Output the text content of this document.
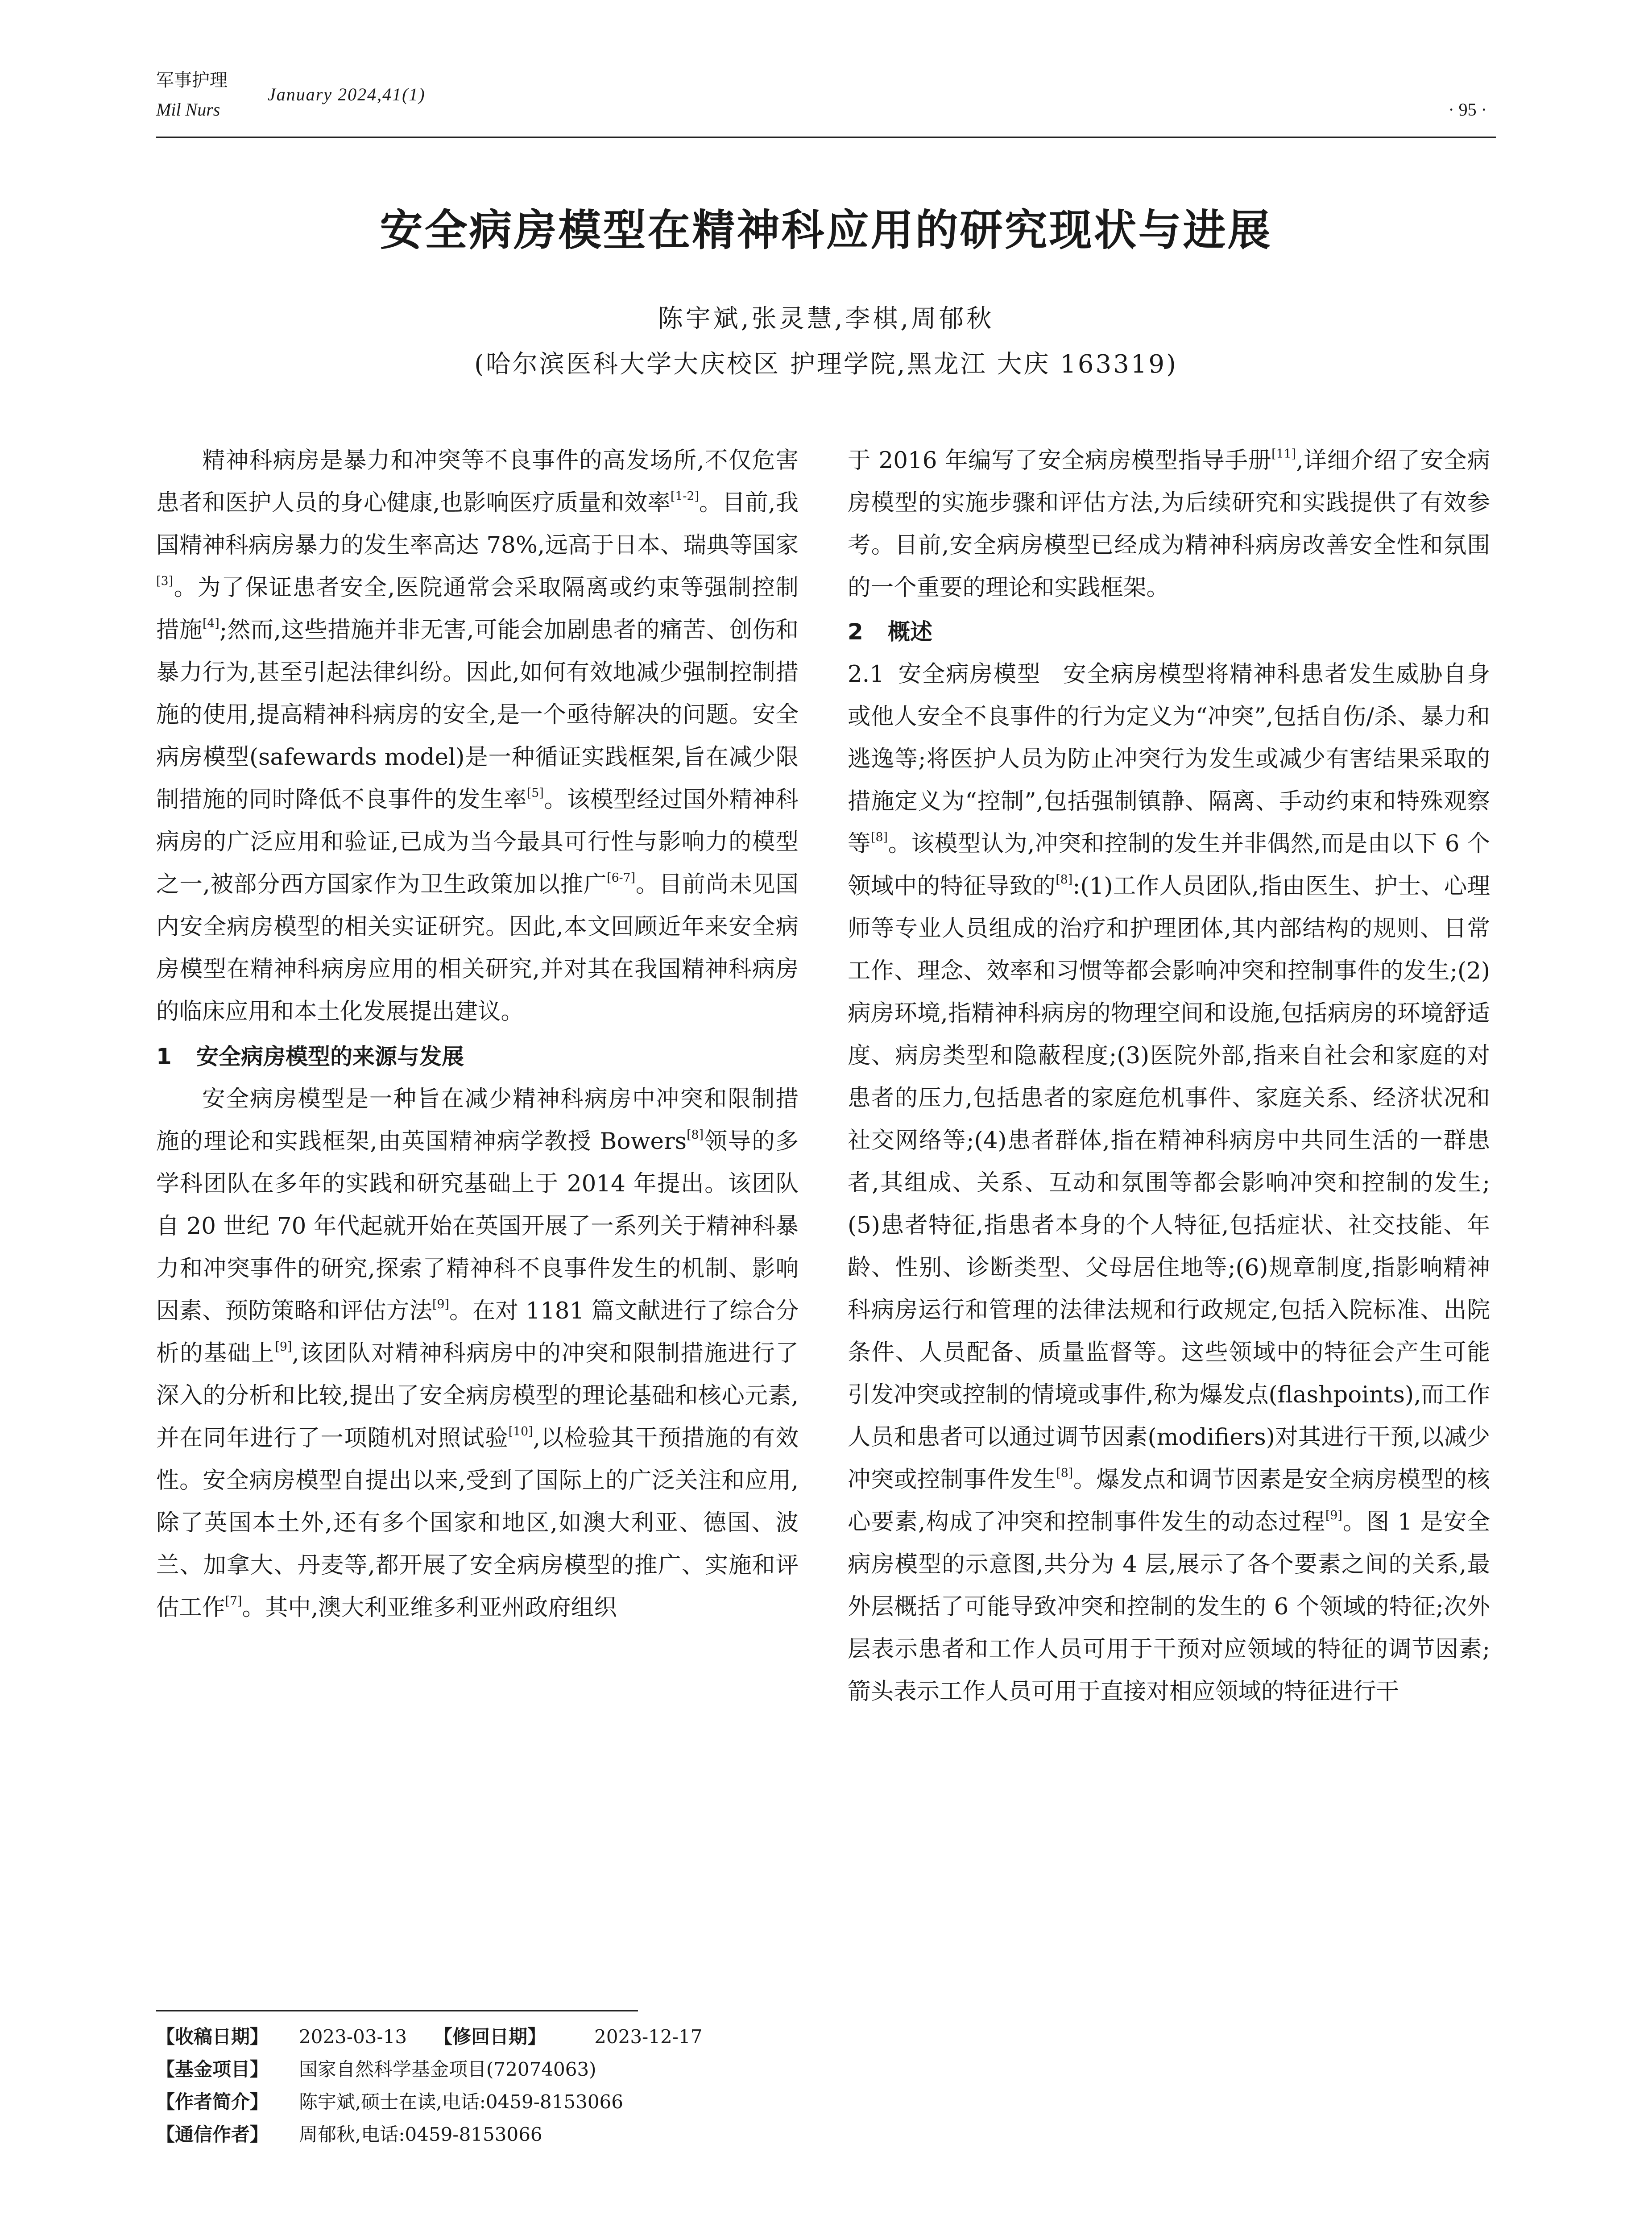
军事护理
January 2024,41(1)
Mil Nurs	· 95 ·
安全病房模型在精神科应用的研究现状与进展
陈宇斌,张灵慧,李棋,周郁秋
(哈尔滨医科大学大庆校区 护理学院,黑龙江 大庆 163319)

精神科病房是暴力和冲突等不良事件的高发场所,不仅危害患者和医护人员的身心健康,也影响医疗质量和效率[1-2]。目前,我国精神科病房暴力的发生率高达 78%,远高于日本、瑞典等国家[3]。为了保证患者安全,医院通常会采取隔离或约束等强制控制措施[4];然而,这些措施并非无害,可能会加剧患者的痛苦、创伤和暴力行为,甚至引起法律纠纷。因此,如何有效地减少强制控制措施的使用,提高精神科病房的安全,是一个亟待解决的问题。安全病房模型(safewards model)是一种循证实践框架,旨在减少限制措施的同时降低不良事件的发生率[5]。该模型经过国外精神科病房的广泛应用和验证,已成为当今最具可行性与影响力的模型之一,被部分西方国家作为卫生政策加以推广[6-7]。目前尚未见国内安全病房模型的相关实证研究。因此,本文回顾近年来安全病房模型在精神科病房应用的相关研究,并对其在我国精神科病房的临床应用和本土化发展提出建议。

1 安全病房模型的来源与发展

安全病房模型是一种旨在减少精神科病房中冲突和限制措施的理论和实践框架,由英国精神病学教授 Bowers[8]领导的多学科团队在多年的实践和研究基础上于 2014 年提出。该团队自 20 世纪 70 年代起就开始在英国开展了一系列关于精神科暴力和冲突事件的研究,探索了精神科不良事件发生的机制、影响因素、预防策略和评估方法[9]。在对 1181 篇文献进行了综合分析的基础上[9],该团队对精神科病房中的冲突和限制措施进行了深入的分析和比较,提出了安全病房模型的理论基础和核心元素,并在同年进行了一项随机对照试验[10],以检验其干预措施的有效性。安全病房模型自提出以来,受到了国际上的广泛关注和应用,除了英国本土外,还有多个国家和地区,如澳大利亚、德国、波兰、加拿大、丹麦等,都开展了安全病房模型的推广、实施和评估工作[7]。其中,澳大利亚维多利亚州政府组织

于 2016 年编写了安全病房模型指导手册[11],详细介绍了安全病房模型的实施步骤和评估方法,为后续研究和实践提供了有效参考。目前,安全病房模型已经成为精神科病房改善安全性和氛围的一个重要的理论和实践框架。

2 概述

2.1 安全病房模型 安全病房模型将精神科患者发生威胁自身或他人安全不良事件的行为定义为“冲突”,包括自伤/杀、暴力和逃逸等;将医护人员为防止冲突行为发生或减少有害结果采取的措施定义为“控制”,包括强制镇静、隔离、手动约束和特殊观察等[8]。该模型认为,冲突和控制的发生并非偶然,而是由以下 6 个领域中的特征导致的[8]:(1)工作人员团队,指由医生、护士、心理师等专业人员组成的治疗和护理团体,其内部结构的规则、日常工作、理念、效率和习惯等都会影响冲突和控制事件的发生;(2)病房环境,指精神科病房的物理空间和设施,包括病房的环境舒适度、病房类型和隐蔽程度;(3)医院外部,指来自社会和家庭的对患者的压力,包括患者的家庭危机事件、家庭关系、经济状况和社交网络等;(4)患者群体,指在精神科病房中共同生活的一群患者,其组成、关系、互动和氛围等都会影响冲突和控制的发生;(5)患者特征,指患者本身的个人特征,包括症状、社交技能、年龄、性别、诊断类型、父母居住地等;(6)规章制度,指影响精神科病房运行和管理的法律法规和行政规定,包括入院标准、出院条件、人员配备、质量监督等。这些领域中的特征会产生可能引发冲突或控制的情境或事件,称为爆发点(flashpoints),而工作人员和患者可以通过调节因素(modifiers)对其进行干预,以减少冲突或控制事件发生[8]。爆发点和调节因素是安全病房模型的核心要素,构成了冲突和控制事件发生的动态过程[9]。图 1 是安全病房模型的示意图,共分为 4 层,展示了各个要素之间的关系,最外层概括了可能导致冲突和控制的发生的 6 个领域的特征;次外层表示患者和工作人员可用于干预对应领域的特征的调节因素;箭头表示工作人员可用于直接对相应领域的特征进行干

【收稿日期】 2023-03-13 【修回日期】	2023-12-17
【基金项目】 国家自然科学基金项目(72074063)
【作者简介】 陈宇斌,硕士在读,电话:0459-8153066
【通信作者】 周郁秋,电话:0459-8153066
